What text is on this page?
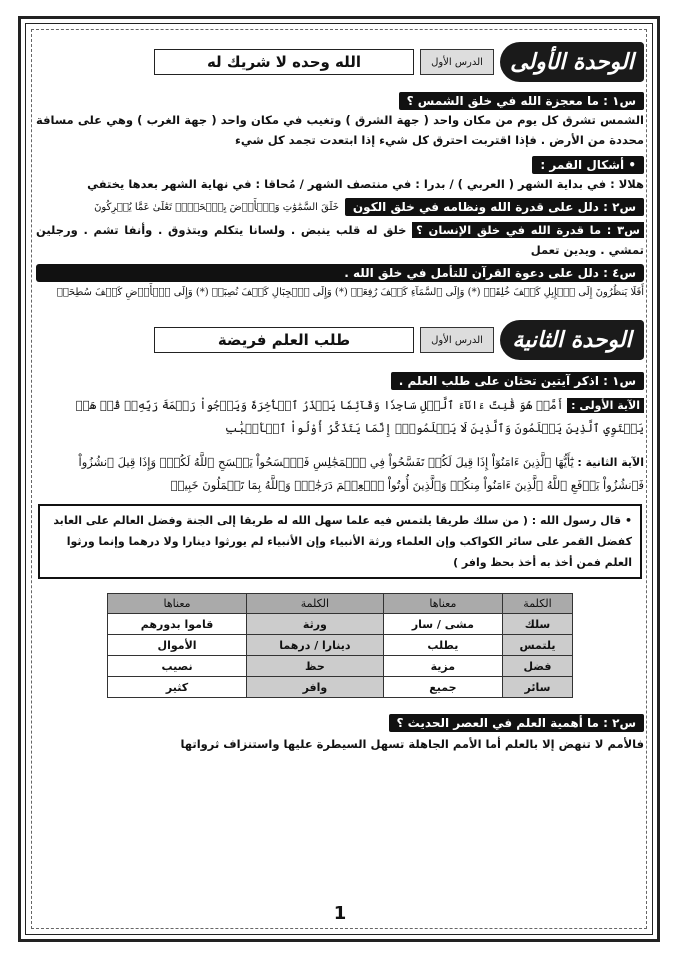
الوحدة الأولى
الدرس الأول
الله وحده لا شريك له
س١ : ما معجزة الله في خلق الشمس ؟
الشمس تشرق كل يوم من مكان واحد ( جهة الشرق ) وتغيب في مكان واحد ( جهة الغرب ) وهي على مسافة محددة من الأرض . فإذا اقتربت احترق كل شيء إذا ابتعدت تجمد كل شيء
• أشكال القمر :
هلالا : في بداية الشهر ( العربي ) / بدرا : في منتصف الشهر / مُحاقا : في نهاية الشهر بعدها يختفي
س٢ : دلل على قدرة الله ونظامه في خلق الكون
خَلَقَ السَّمَٰوَٰتِ وَٱلۡأَرۡضَ بِٱلۡحَقِّۚ تَعَٰلَىٰ عَمَّا يُشۡرِكُونَ
س٣ : ما قدرة الله في خلق الإنسان ؟ خلق له قلب ينبض . ولسانا يتكلم ويتذوق . وأنفا تشم . ورجلين تمشي . ويدين تعمل
س٤ : دلل على دعوة القرآن للتأمل في خلق الله .
أَفَلَا يَنظُرُونَ إِلَى ٱلۡإِبِلِ كَيۡفَ خُلِقَتۡ (*) وَإِلَى ٱلسَّمَآءِ كَيۡفَ رُفِعَتۡ (*) وَإِلَى ٱلۡجِبَالِ كَيۡفَ نُصِبَتۡ (*) وَإِلَى ٱلۡأَرۡضِ كَيۡفَ سُطِحَتۡ
الوحدة الثانية
الدرس الأول
طلب العلم فريضة
س١ : اذكر آيتين تحثان على طلب العلم .
الآية الأولى : أَمَّنۡ هُوَ قَٰنِتٌ ءَانَآءَ ٱلَّيۡلِ سَاجِدٗا وَقَآئِمٗا يَحۡذَرُ ٱلۡأٓخِرَةَ وَيَرۡجُواْ رَحۡمَةَ رَبِّهِۦۗ قُلۡ هَلۡ يَسۡتَوِي ٱلَّذِينَ يَعۡلَمُونَ وَٱلَّذِينَ لَا يَعۡلَمُونَۗ إِنَّمَا يَتَذَكَّرُ أُوْلُواْ ٱلۡأَلۡبَٰبِ
الآية الثانية : يَٰٓأَيُّهَا ٱلَّذِينَ ءَامَنُوٓاْ إِذَا قِيلَ لَكُمۡ تَفَسَّحُواْ فِي ٱلۡمَجَٰلِسِ فَٱفۡسَحُواْ يَفۡسَحِ ٱللَّهُ لَكُمۡۖ وَإِذَا قِيلَ ٱنشُزُواْ فَٱنشُزُواْ يَرۡفَعِ ٱللَّهُ ٱلَّذِينَ ءَامَنُواْ مِنكُمۡ وَٱلَّذِينَ أُوتُواْ ٱلۡعِلۡمَ دَرَجَٰتٖۚ وَٱللَّهُ بِمَا تَعۡمَلُونَ خَبِيرٞ
• قال رسول الله : ( من سلك طريقا يلتمس فيه علما سهل الله له طريقا إلى الجنة وفضل العالم على العابد كفضل القمر على سائر الكواكب وإن العلماء ورثة الأنبياء وإن الأنبياء لم يورثوا دينارا ولا درهما وإنما ورثوا العلم فمن أخذ به أخذ بحظ وافر )
الكلمة	معناها	الكلمة	معناها
سلك	مشى / سار	ورثة	قاموا بدورهم
يلتمس	يطلب	دينارا / درهما	الأموال
فضل	مزية	حظ	نصيب
سائر	جميع	وافر	كثير
س٢ : ما أهمية العلم في العصر الحديث ؟
فالأمم لا تنهض إلا بالعلم أما الأمم الجاهلة تسهل السيطرة عليها واستنزاف ثرواتها
1
